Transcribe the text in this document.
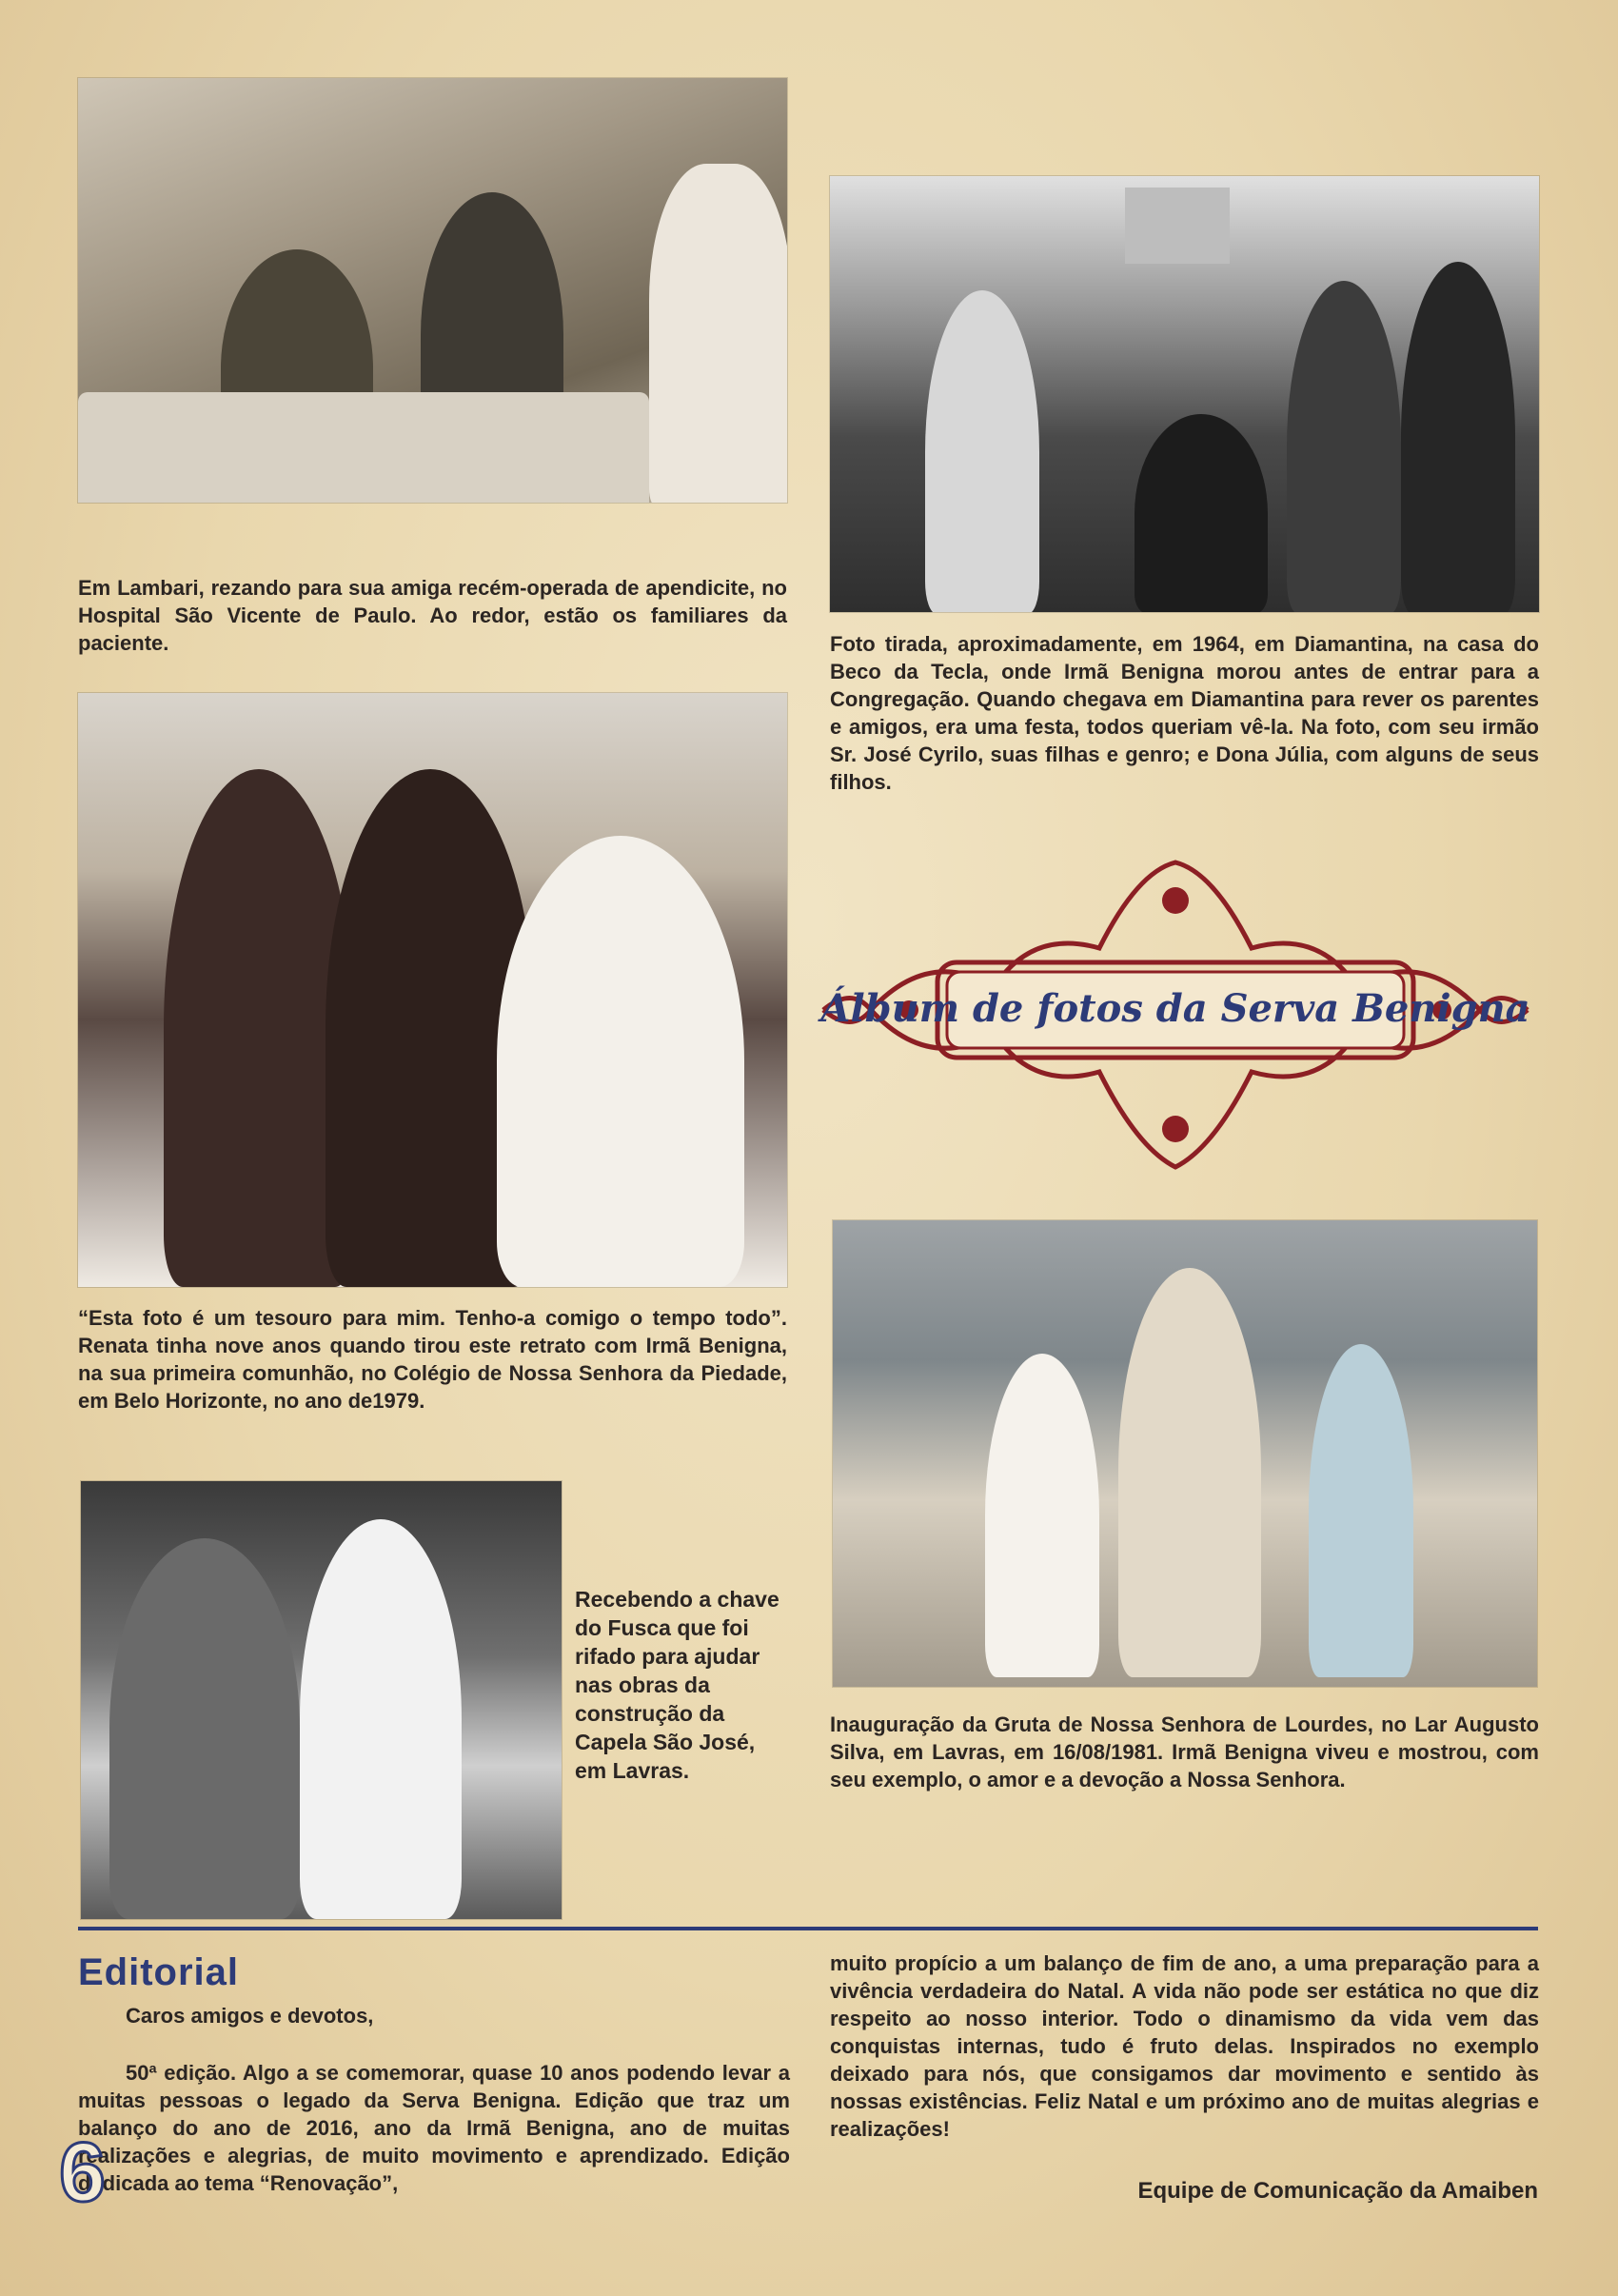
Em Lambari, rezando para sua amiga recém-operada de apendicite, no Hospital São Vicente de Paulo. Ao redor, estão os familiares da paciente.	Foto tirada, aproximadamente, em 1964, em Diamantina, na casa do Beco da Tecla, onde Irmã Benigna morou antes de entrar para a Congregação. Quando chegava em Diamantina para rever os parentes e amigos, era uma festa, todos queriam vê-la. Na foto, com seu irmão Sr. José Cyrilo, suas filhas e genro; e Dona Júlia, com alguns de seus filhos.

“Esta foto é um tesouro para mim. Tenho-a comigo o tempo todo”. Renata tinha nove anos quando tirou este retrato com Irmã Benigna, na sua primeira comunhão, no Colégio de Nossa Senhora da Piedade, em Belo Horizonte, no ano de1979.

Recebendo a chave do Fusca que foi rifado para ajudar nas obras da construção da Capela São José, em Lavras.

Inauguração da Gruta de Nossa Senhora de Lourdes, no Lar Augusto Silva, em Lavras, em 16/08/1981. Irmã Benigna viveu e mostrou, com seu exemplo, o amor e a devoção a Nossa Senhora.

Álbum de fotos da Serva Benigna
Editorial

Caros amigos e devotos,

50ª edição. Algo a se comemorar, quase 10 anos podendo levar a muitas pessoas o legado da Serva Benigna. Edição que traz um balanço do ano de 2016, ano da Irmã Benigna, ano de muitas realizações e alegrias, de muito movimento e aprendizado. Edição dedicada ao tema “Renovação”,

muito propício a um balanço de fim de ano, a uma preparação para a vivência verdadeira do Natal. A vida não pode ser estática no que diz respeito ao nosso interior. Todo o dinamismo da vida vem das conquistas internas, tudo é fruto delas. Inspirados no exemplo deixado para nós, que consigamos dar movimento e sentido às nossas existências. Feliz Natal e um próximo ano de muitas alegrias e realizações!

Equipe de Comunicação da Amaiben
6
